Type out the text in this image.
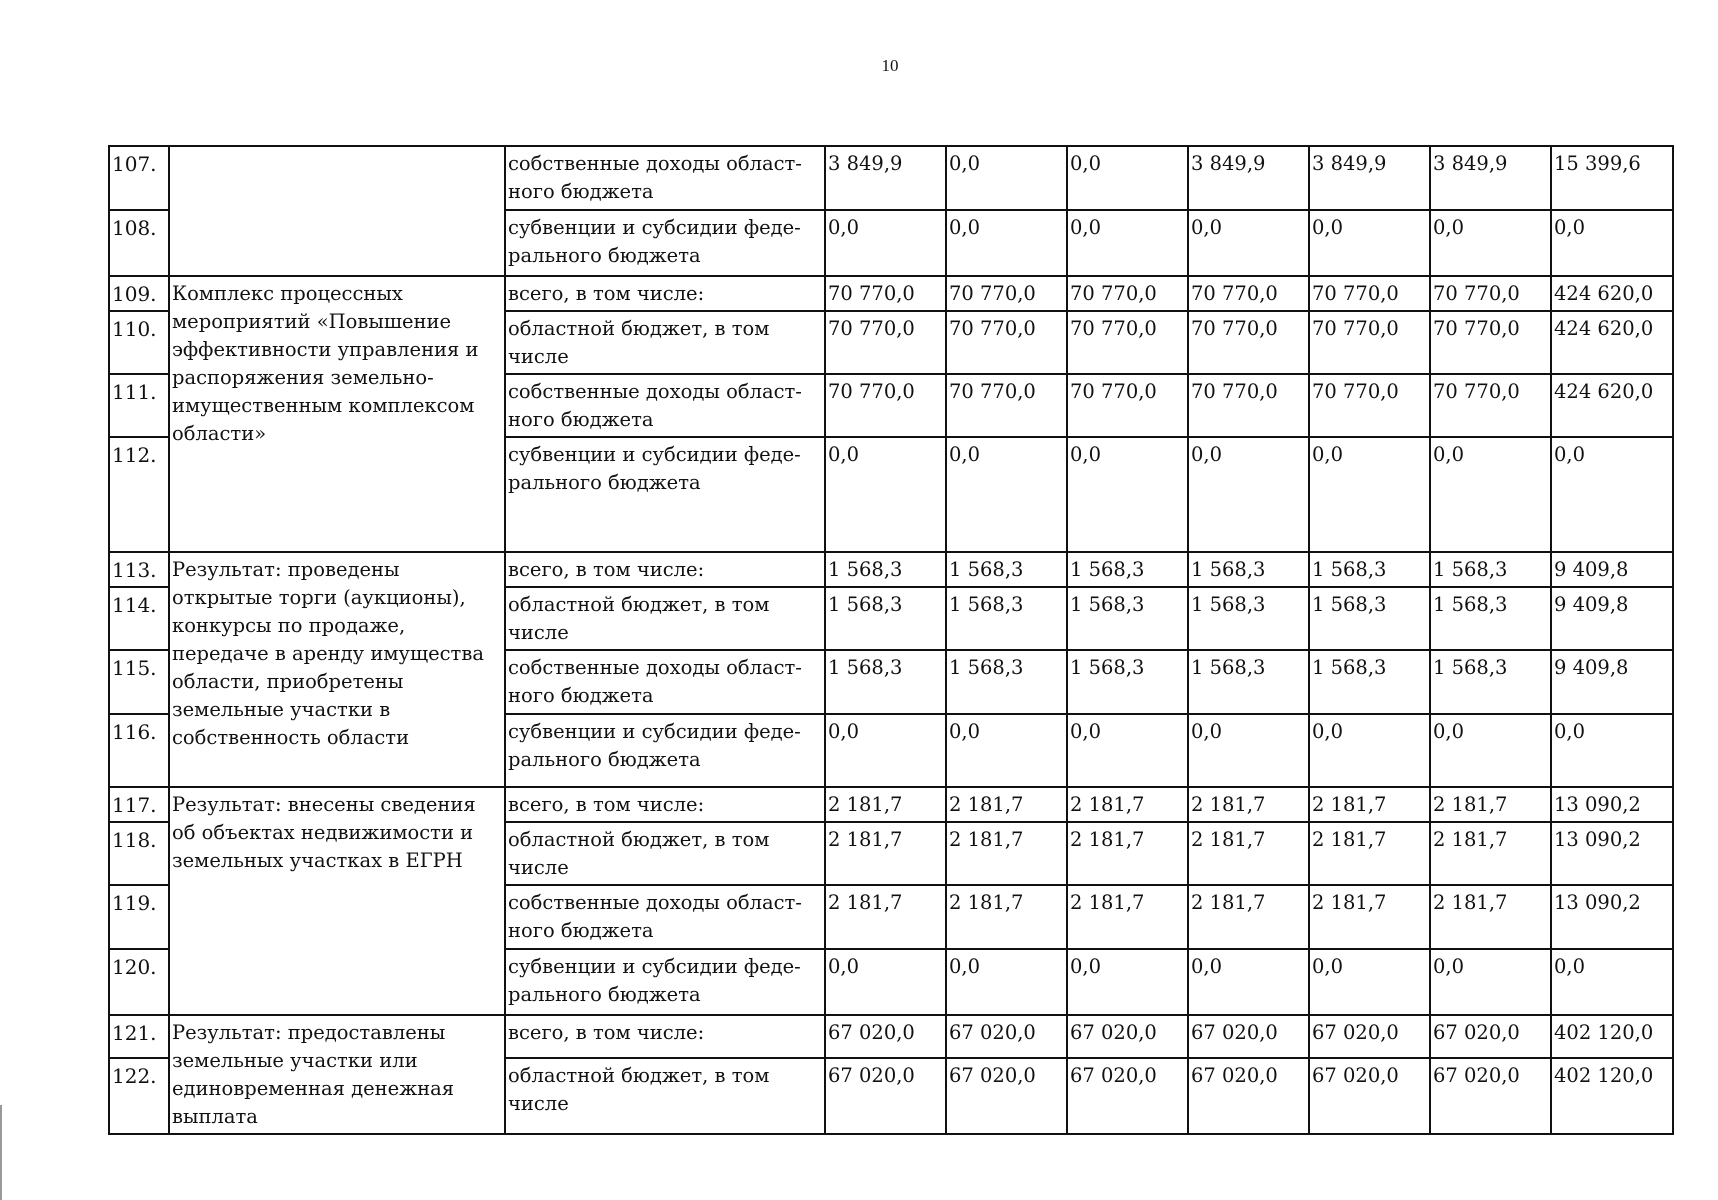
10
107.		собственные доходы област-ного бюджета	3 849,9	0,0	0,0	3 849,9	3 849,9	3 849,9	15 399,6
108.		субвенции и субсидии феде-рального бюджета	0,0	0,0	0,0	0,0	0,0	0,0	0,0
109.	Комплекс процессных мероприятий «Повышение эффективности управления и распоряжения земельно-имущественным комплексом области»	всего, в том числе:	70 770,0	70 770,0	70 770,0	70 770,0	70 770,0	70 770,0	424 620,0
110.		областной бюджет, в том числе	70 770,0	70 770,0	70 770,0	70 770,0	70 770,0	70 770,0	424 620,0
111.		собственные доходы област-ного бюджета	70 770,0	70 770,0	70 770,0	70 770,0	70 770,0	70 770,0	424 620,0
112.		субвенции и субсидии феде-рального бюджета	0,0	0,0	0,0	0,0	0,0	0,0	0,0
113.	Результат: проведены открытые торги (аукционы), конкурсы по продаже, передаче в аренду имущества области, приобретены земельные участки в собственность области	всего, в том числе:	1 568,3	1 568,3	1 568,3	1 568,3	1 568,3	1 568,3	9 409,8
114.		областной бюджет, в том числе	1 568,3	1 568,3	1 568,3	1 568,3	1 568,3	1 568,3	9 409,8
115.		собственные доходы област-ного бюджета	1 568,3	1 568,3	1 568,3	1 568,3	1 568,3	1 568,3	9 409,8
116.		субвенции и субсидии феде-рального бюджета	0,0	0,0	0,0	0,0	0,0	0,0	0,0
117.	Результат: внесены сведения об объектах недвижимости и земельных участках в ЕГРН	всего, в том числе:	2 181,7	2 181,7	2 181,7	2 181,7	2 181,7	2 181,7	13 090,2
118.		областной бюджет, в том числе	2 181,7	2 181,7	2 181,7	2 181,7	2 181,7	2 181,7	13 090,2
119.		собственные доходы област-ного бюджета	2 181,7	2 181,7	2 181,7	2 181,7	2 181,7	2 181,7	13 090,2
120.		субвенции и субсидии феде-рального бюджета	0,0	0,0	0,0	0,0	0,0	0,0	0,0
121.	Результат: предоставлены земельные участки или единовременная денежная выплата	всего, в том числе:	67 020,0	67 020,0	67 020,0	67 020,0	67 020,0	67 020,0	402 120,0
122.		областной бюджет, в том числе	67 020,0	67 020,0	67 020,0	67 020,0	67 020,0	67 020,0	402 120,0
